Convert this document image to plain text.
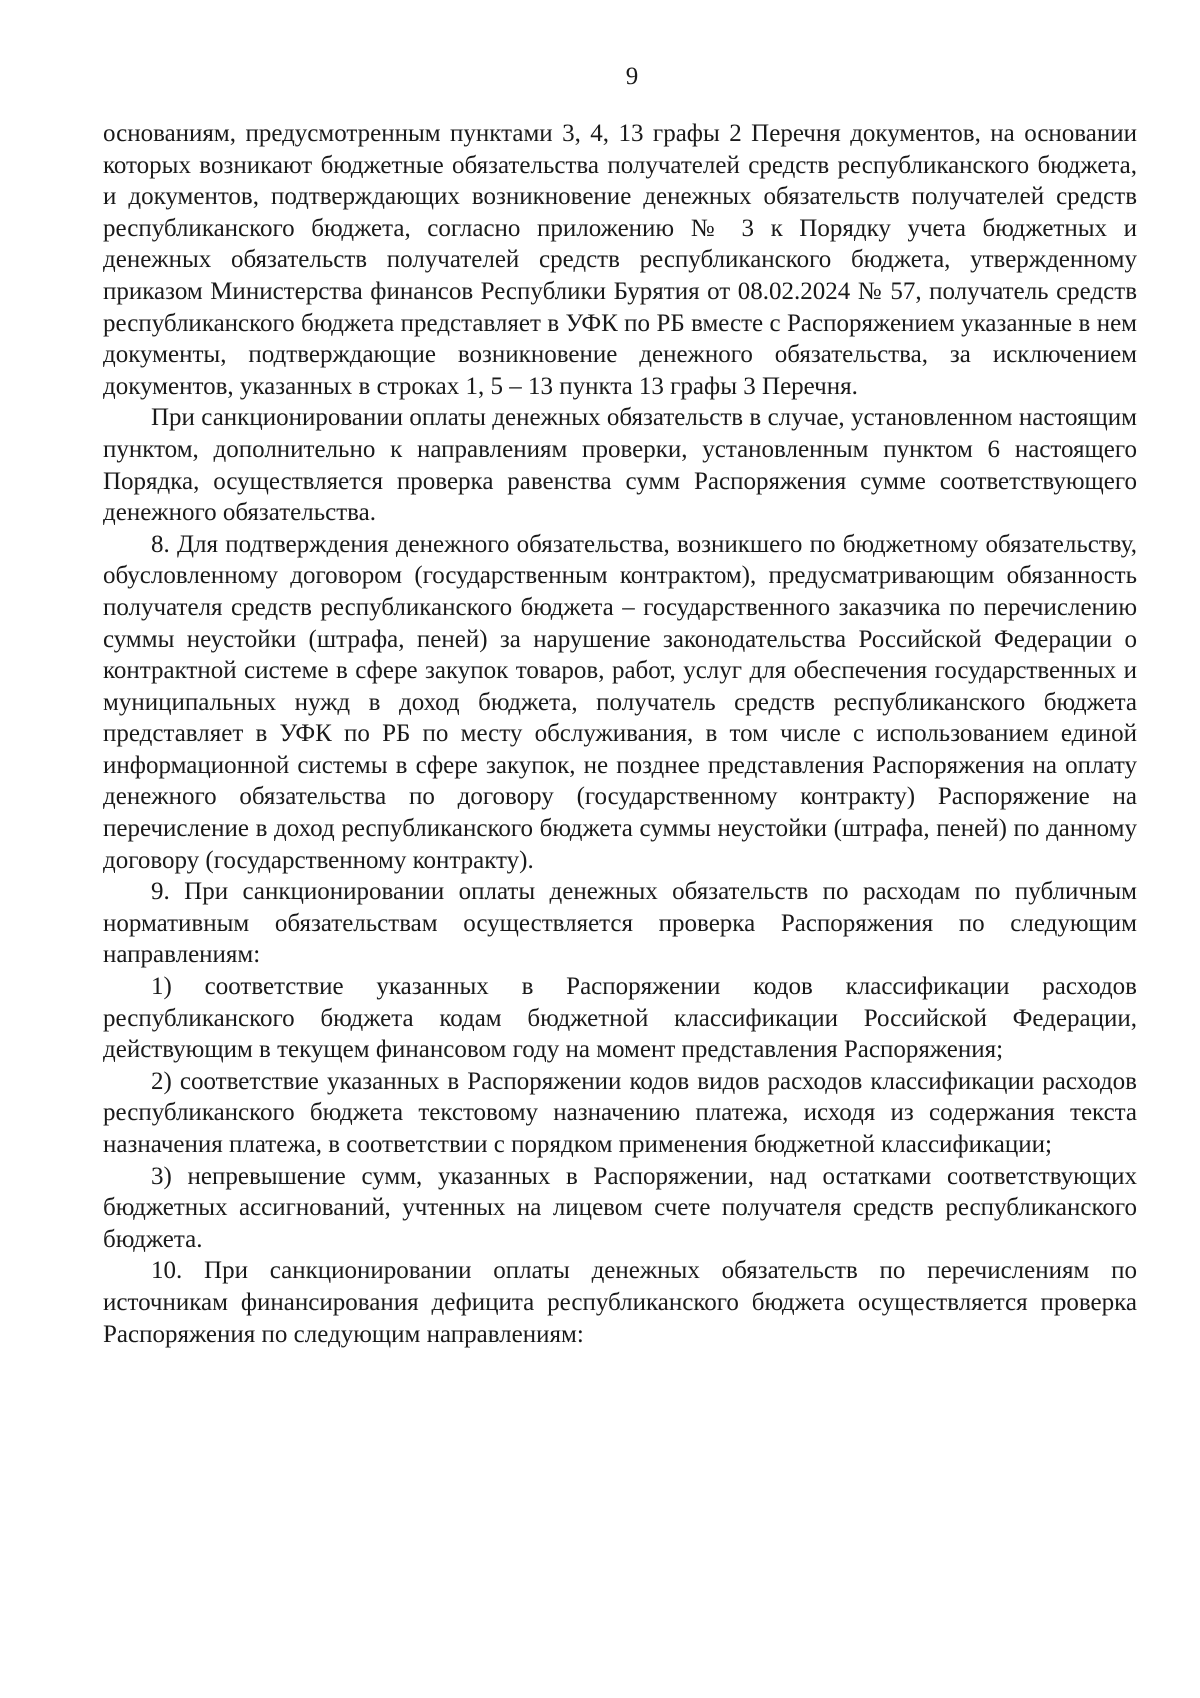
9

основаниям, предусмотренным пунктами 3, 4, 13 графы 2 Перечня документов, на основании которых возникают бюджетные обязательства получателей средств республиканского бюджета, и документов, подтверждающих возникновение денежных обязательств получателей средств республиканского бюджета, согласно приложению № 3 к Порядку учета бюджетных и денежных обязательств получателей средств республиканского бюджета, утвержденному приказом Министерства финансов Республики Бурятия от 08.02.2024 № 57, получатель средств республиканского бюджета представляет в УФК по РБ вместе с Распоряжением указанные в нем документы, подтверждающие возникновение денежного обязательства, за исключением документов, указанных в строках 1, 5 – 13 пункта 13 графы 3 Перечня.

При санкционировании оплаты денежных обязательств в случае, установленном настоящим пунктом, дополнительно к направлениям проверки, установленным пунктом 6 настоящего Порядка, осуществляется проверка равенства сумм Распоряжения сумме соответствующего денежного обязательства.

8. Для подтверждения денежного обязательства, возникшего по бюджетному обязательству, обусловленному договором (государственным контрактом), предусматривающим обязанность получателя средств республиканского бюджета – государственного заказчика по перечислению суммы неустойки (штрафа, пеней) за нарушение законодательства Российской Федерации о контрактной системе в сфере закупок товаров, работ, услуг для обеспечения государственных и муниципальных нужд в доход бюджета, получатель средств республиканского бюджета представляет в УФК по РБ по месту обслуживания, в том числе с использованием единой информационной системы в сфере закупок, не позднее представления Распоряжения на оплату денежного обязательства по договору (государственному контракту) Распоряжение на перечисление в доход республиканского бюджета суммы неустойки (штрафа, пеней) по данному договору (государственному контракту).

9. При санкционировании оплаты денежных обязательств по расходам по публичным нормативным обязательствам осуществляется проверка Распоряжения по следующим направлениям:

1) соответствие указанных в Распоряжении кодов классификации расходов республиканского бюджета кодам бюджетной классификации Российской Федерации, действующим в текущем финансовом году на момент представления Распоряжения;

2) соответствие указанных в Распоряжении кодов видов расходов классификации расходов республиканского бюджета текстовому назначению платежа, исходя из содержания текста назначения платежа, в соответствии с порядком применения бюджетной классификации;

3) непревышение сумм, указанных в Распоряжении, над остатками соответствующих бюджетных ассигнований, учтенных на лицевом счете получателя средств республиканского бюджета.

10. При санкционировании оплаты денежных обязательств по перечислениям по источникам финансирования дефицита республиканского бюджета осуществляется проверка Распоряжения по следующим направлениям:
